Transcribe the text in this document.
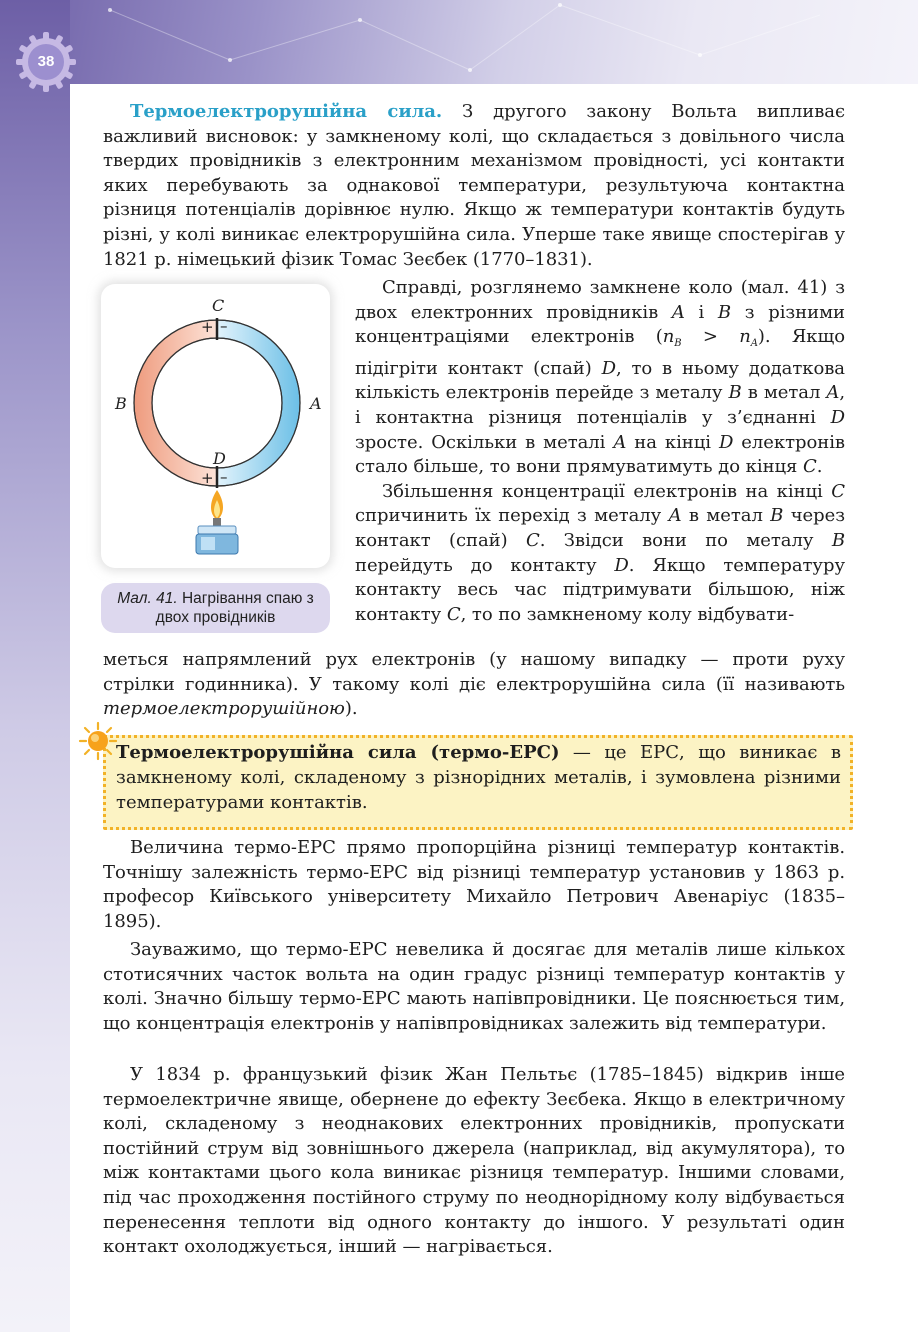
38

Термоелектрорушійна сила. З другого закону Вольта випливає важливий висновок: у замкненому колі, що складається з довільного числа твердих провідників з електронним механізмом провідності, усі контакти яких перебувають за однакової температури, результуюча контактна різниця потенціалів дорівнює нулю. Якщо ж температури контактів будуть різні, у колі виникає електрорушійна сила. Уперше таке явище спостерігав у 1821 р. німецький фізик Томас Зеєбек (1770–1831).

C
+ –
B	A
D
+ –
Мал. 41. Нагрівання спаю з двох провідників

Справді, розглянемо замкнене коло (мал. 41) з двох електронних провідників A і B з різними концентраціями електронів $(n_B > n_A)$. Якщо підігріти контакт (спай) D, то в ньому додаткова кількість електронів перейде з металу B в метал A, і контактна різниця потенціалів у з’єднанні D зросте. Оскільки в металі A на кінці D електронів стало більше, то вони прямуватимуть до кінця C.

Збільшення концентрації електронів на кінці C спричинить їх перехід з металу A в метал B через контакт (спай) C. Звідси вони по металу B перейдуть до контакту D. Якщо температуру контакту весь час підтримувати більшою, ніж контакту C, то по замкненому колу відбувати-

меться напрямлений рух електронів (у нашому випадку — проти руху стрілки годинника). У такому колі діє електрорушійна сила (її називають термоелектрорушійною).

Термоелектрорушійна сила (термо-ЕРС) — це ЕРС, що виникає в замкненому колі, складеному з різнорідних металів, і зумовлена різними температурами контактів.

Величина термо-ЕРС прямо пропорційна різниці температур контактів. Точнішу залежність термо-ЕРС від різниці температур установив у 1863 р. професор Київського університету Михайло Петрович Авенаріус (1835–1895).

Зауважимо, що термо-ЕРС невелика й досягає для металів лише кількох стотисячних часток вольта на один градус різниці температур контактів у колі. Значно більшу термо-ЕРС мають напівпровідники. Це пояснюється тим, що концентрація електронів у напівпровідниках залежить від температури.

У 1834 р. французький фізик Жан Пельтьє (1785–1845) відкрив інше термоелектричне явище, обернене до ефекту Зеєбека. Якщо в електричному колі, складеному з неоднакових електронних провідників, пропускати постійний струм від зовнішнього джерела (наприклад, від акумулятора), то між контактами цього кола виникає різниця температур. Іншими словами, під час проходження постійного струму по неоднорідному колу відбувається перенесення теплоти від одного контакту до іншого. У результаті один контакт охолоджується, інший — нагрівається.
